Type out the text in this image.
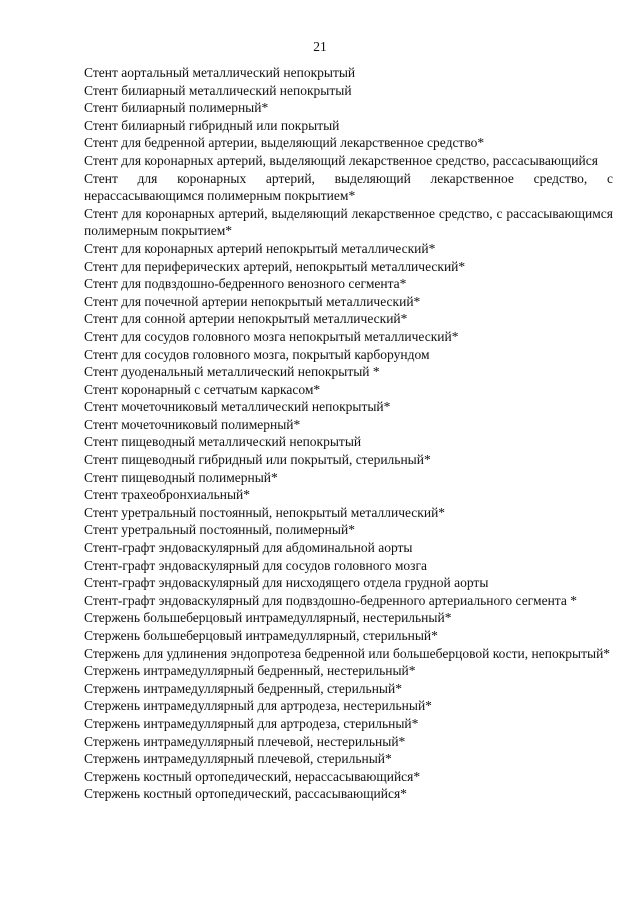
21

Стент аортальный металлический непокрытый

Стент билиарный металлический непокрытый

Стент билиарный полимерный*

Стент билиарный гибридный или покрытый

Стент для бедренной артерии, выделяющий лекарственное средство*

Стент для коронарных артерий, выделяющий лекарственное средство, рассасывающийся

Стент для коронарных артерий, выделяющий лекарственное средство, с нерассасывающимся полимерным покрытием*

Стент для коронарных артерий, выделяющий лекарственное средство, с рассасывающимся полимерным покрытием*

Стент для коронарных артерий непокрытый металлический*

Стент для периферических артерий, непокрытый металлический*

Стент для подвздошно-бедренного венозного сегмента*

Стент для почечной артерии непокрытый металлический*

Стент для сонной артерии непокрытый металлический*

Стент для сосудов головного мозга непокрытый металлический*

Стент для сосудов головного мозга, покрытый карборундом

Стент дуоденальный металлический непокрытый *

Стент коронарный с сетчатым каркасом*

Стент мочеточниковый металлический непокрытый*

Стент мочеточниковый полимерный*

Стент пищеводный металлический непокрытый

Стент пищеводный гибридный или покрытый, стерильный*

Стент пищеводный полимерный*

Стент трахеобронхиальный*

Стент уретральный постоянный, непокрытый металлический*

Стент уретральный постоянный, полимерный*

Стент-графт эндоваскулярный для абдоминальной аорты

Стент-графт эндоваскулярный для сосудов головного мозга

Стент-графт эндоваскулярный для нисходящего отдела грудной аорты

Стент-графт эндоваскулярный для подвздошно-бедренного артериального сегмента *

Стержень большеберцовый интрамедуллярный, нестерильный*

Стержень большеберцовый интрамедуллярный, стерильный*

Стержень для удлинения эндопротеза бедренной или большеберцовой кости, непокрытый*

Стержень интрамедуллярный бедренный, нестерильный*

Стержень интрамедуллярный бедренный, стерильный*

Стержень интрамедуллярный для артродеза, нестерильный*

Стержень интрамедуллярный для артродеза, стерильный*

Стержень интрамедуллярный плечевой, нестерильный*

Стержень интрамедуллярный плечевой, стерильный*

Стержень костный ортопедический, нерассасывающийся*

Стержень костный ортопедический, рассасывающийся*
